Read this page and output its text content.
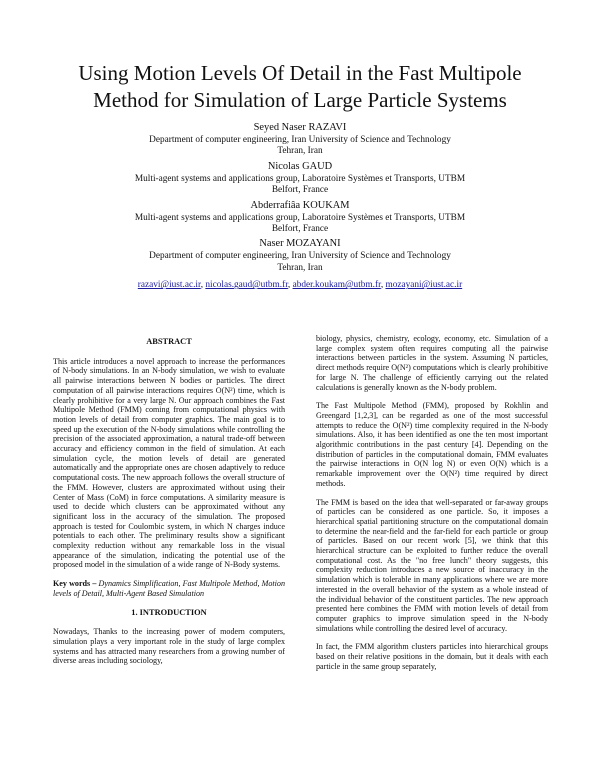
Using Motion Levels Of Detail in the Fast Multipole
Method for Simulation of Large Particle Systems
Seyed Naser RAZAVI
Department of computer engineering, Iran University of Science and Technology
Tehran, Iran
Nicolas GAUD
Multi-agent systems and applications group, Laboratoire Systèmes et Transports, UTBM
Belfort, France
Abderrafiâa KOUKAM
Multi-agent systems and applications group, Laboratoire Systèmes et Transports, UTBM
Belfort, France
Naser MOZAYANI
Department of computer engineering, Iran University of Science and Technology
Tehran, Iran
razavi@iust.ac.ir, nicolas.gaud@utbm.fr, abder.koukam@utbm.fr, mozayani@iust.ac.ir
ABSTRACT

This article introduces a novel approach to increase the performances of N-body simulations. In an N-body simulation, we wish to evaluate all pairwise interactions between N bodies or particles. The direct computation of all pairwise interactions requires O(N²) time, which is clearly prohibitive for a very large N. Our approach combines the Fast Multipole Method (FMM) coming from computational physics with motion levels of detail from computer graphics. The main goal is to speed up the execution of the N-body simulations while controlling the precision of the associated approximation, a natural trade-off between accuracy and efficiency common in the field of simulation. At each simulation cycle, the motion levels of detail are generated automatically and the appropriate ones are chosen adaptively to reduce computational costs. The new approach follows the overall structure of the FMM. However, clusters are approximated without using their Center of Mass (CoM) in force computations. A similarity measure is used to decide which clusters can be approximated without any significant loss in the accuracy of the simulation. The proposed approach is tested for Coulombic system, in which N charges induce potentials to each other. The preliminary results show a significant complexity reduction without any remarkable loss in the visual appearance of the simulation, indicating the potential use of the proposed model in the simulation of a wide range of N-Body systems.

Key words – Dynamics Simplification, Fast Multipole Method, Motion levels of Detail, Multi-Agent Based Simulation

1. INTRODUCTION

Nowadays, Thanks to the increasing power of modern computers, simulation plays a very important role in the study of large complex systems and has attracted many researchers from a growing number of diverse areas including sociology,

biology, physics, chemistry, ecology, economy, etc. Simulation of a large complex system often requires computing all the pairwise interactions between particles in the system. Assuming N particles, direct methods require O(N²) computations which is clearly prohibitive for large N. The challenge of efficiently carrying out the related calculations is generally known as the N-body problem.

The Fast Multipole Method (FMM), proposed by Rokhlin and Greengard [1,2,3], can be regarded as one of the most successful attempts to reduce the O(N²) time complexity required in the N-body simulations. Also, it has been identified as one the ten most important algorithmic contributions in the past century [4]. Depending on the distribution of particles in the computational domain, FMM evaluates the pairwise interactions in O(N log N) or even O(N) which is a remarkable improvement over the O(N²) time required by direct methods.

The FMM is based on the idea that well-separated or far-away groups of particles can be considered as one particle. So, it imposes a hierarchical spatial partitioning structure on the computational domain to determine the near-field and the far-field for each particle or group of particles. Based on our recent work [5], we think that this hierarchical structure can be exploited to further reduce the overall computational cost. As the "no free lunch" theory suggests, this complexity reduction introduces a new source of inaccuracy in the simulation which is tolerable in many applications where we are more interested in the overall behavior of the system as a whole instead of the individual behavior of the constituent particles. The new approach presented here combines the FMM with motion levels of detail from computer graphics to improve simulation speed in the N-body simulations while controlling the desired level of accuracy.

In fact, the FMM algorithm clusters particles into hierarchical groups based on their relative positions in the domain, but it deals with each particle in the same group separately,
